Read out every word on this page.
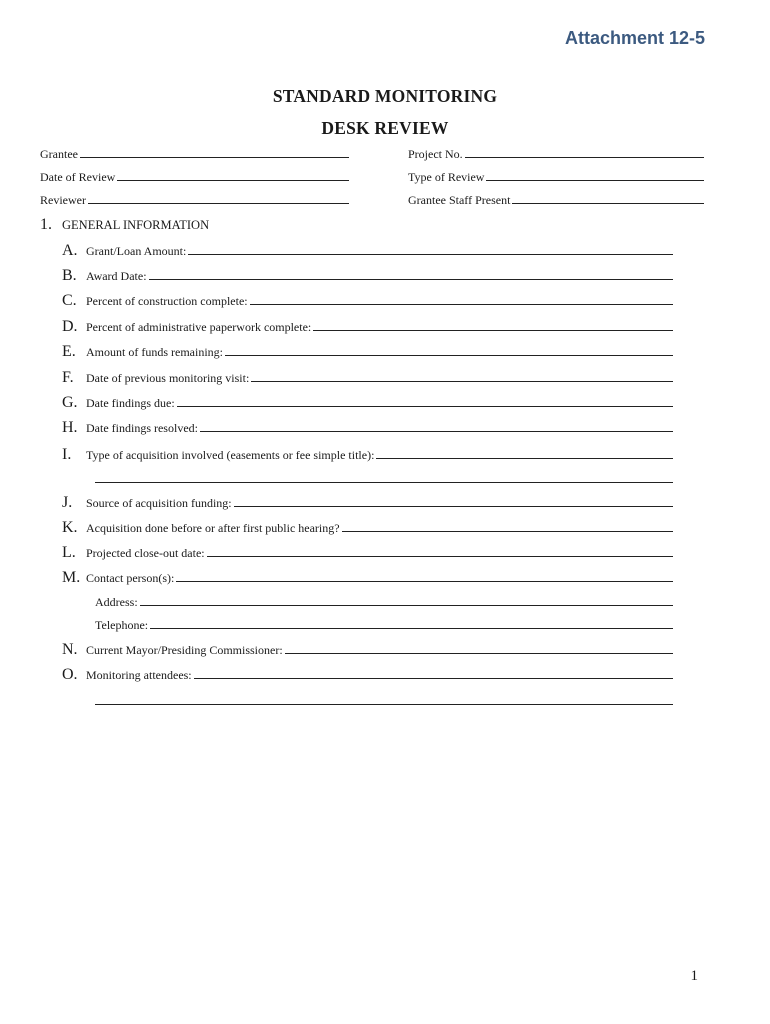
Attachment 12-5
STANDARD MONITORING
DESK REVIEW
Grantee	Project No.
Date of Review	Type of Review
Reviewer	Grantee Staff Present
1. GENERAL INFORMATION
A. Grant/Loan Amount:
B. Award Date:
C. Percent of construction complete:
D. Percent of administrative paperwork complete:
E. Amount of funds remaining:
F.	Date of previous monitoring visit:
G. Date findings due:
H. Date findings resolved:
I.	Type of acquisition involved (easements or fee simple title):
J.	Source of acquisition funding:
K. Acquisition done before or after first public hearing?
L. Projected close-out date:
M. Contact person(s):
Address:
Telephone:
N. Current Mayor/Presiding Commissioner:
O. Monitoring attendees:
1
